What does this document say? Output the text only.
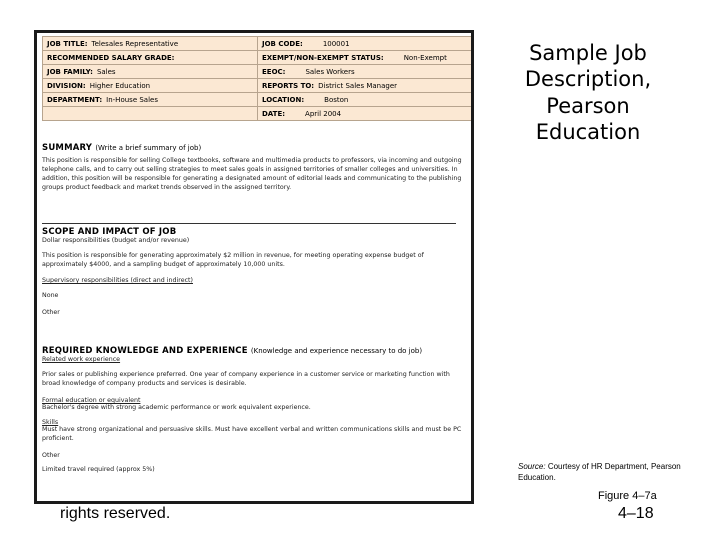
JOB TITLE: Telesales Representative	JOB CODE: 100001
RECOMMENDED SALARY GRADE:	EXEMPT/NON-EXEMPT STATUS: Non-Exempt
JOB FAMILY: Sales	EEOC: Sales Workers
DIVISION: Higher Education	REPORTS TO: District Sales Manager
DEPARTMENT: In-House Sales	LOCATION: Boston
	DATE: April 2004
SUMMARY (Write a brief summary of job)
This position is responsible for selling College textbooks, software and multimedia products to professors, via incoming and outgoing telephone calls, and to carry out selling strategies to meet sales goals in assigned territories of smaller colleges and universities. In addition, this position will be responsible for generating a designated amount of editorial leads and communicating to the publishing groups product feedback and market trends observed in the assigned territory.
SCOPE AND IMPACT OF JOB
Dollar responsibilities (budget and/or revenue)
This position is responsible for generating approximately $2 million in revenue, for meeting operating expense budget of approximately $4000, and a sampling budget of approximately 10,000 units.
Supervisory responsibilities (direct and indirect)
None
Other
REQUIRED KNOWLEDGE AND EXPERIENCE (Knowledge and experience necessary to do job)
Related work experience
Prior sales or publishing experience preferred. One year of company experience in a customer service or marketing function with broad knowledge of company products and services is desirable.
Formal education or equivalent
Bachelor's degree with strong academic performance or work equivalent experience.
Skills
Must have strong organizational and persuasive skills. Must have excellent verbal and written communications skills and must be PC proficient.
Other
Limited travel required (approx 5%)
rights reserved.
Sample Job Description, Pearson Education
Source: Courtesy of HR Department, Pearson Education.
Figure 4–7a
4–18
